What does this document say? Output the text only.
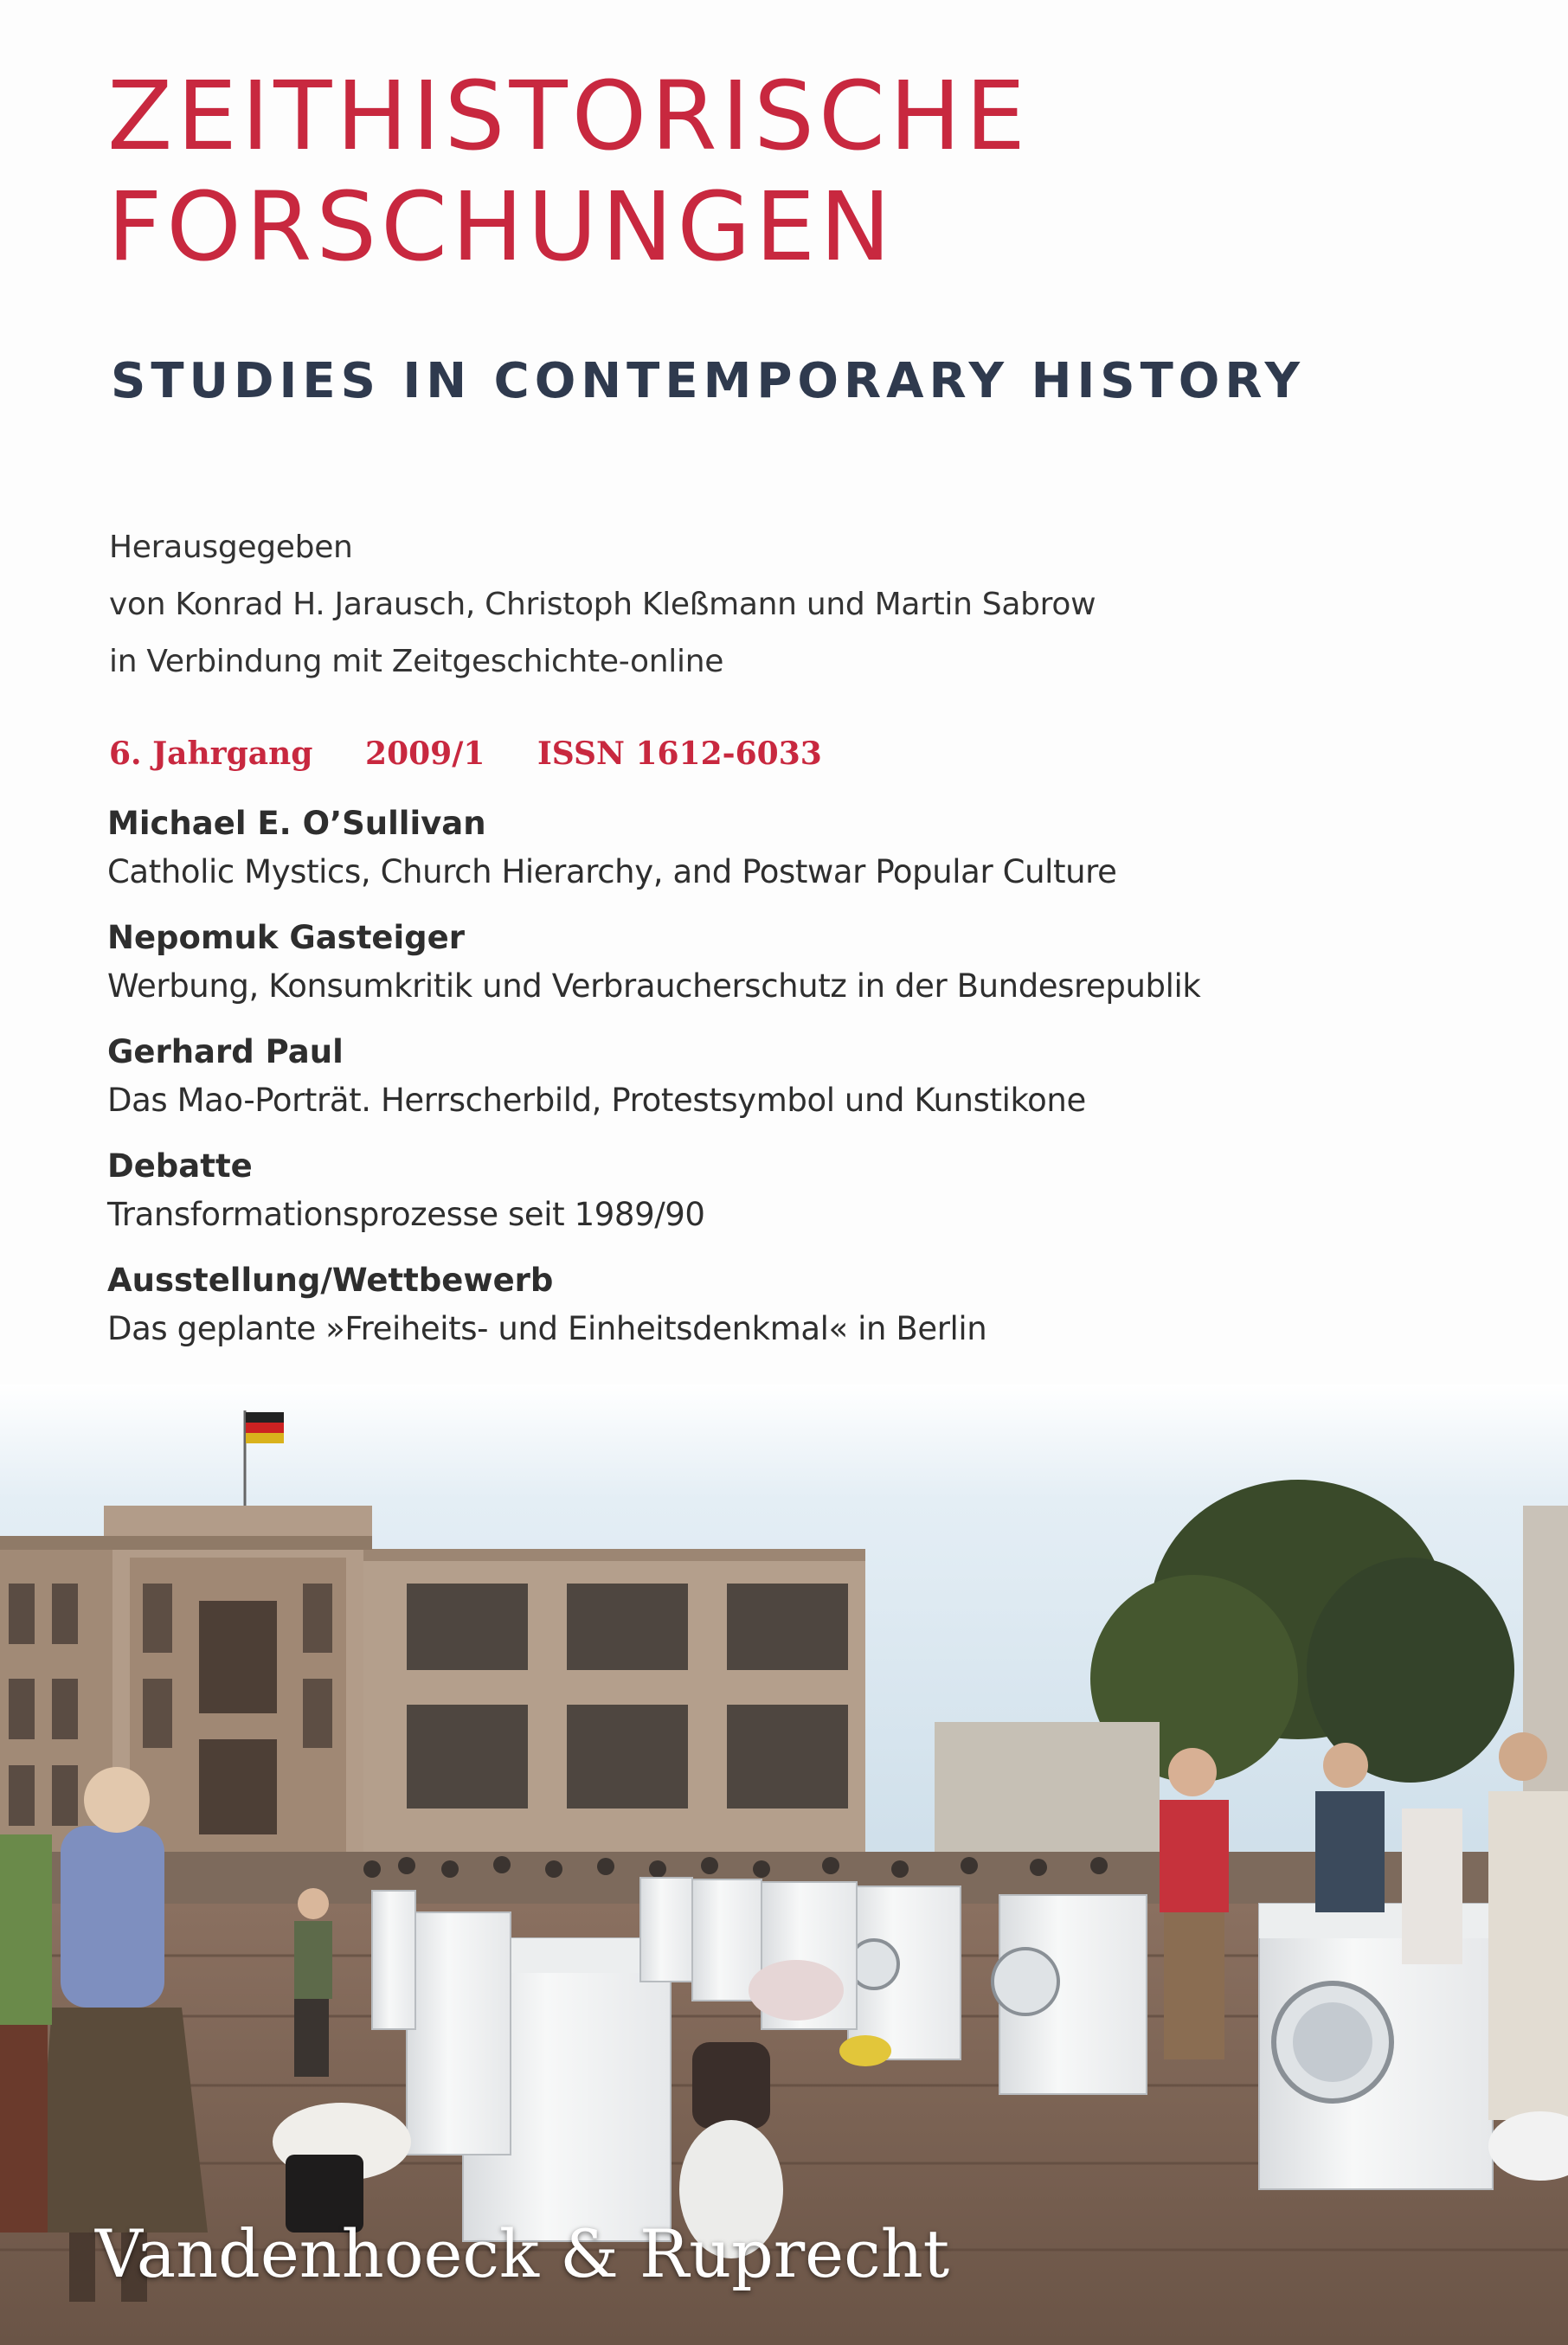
ZEITHISTORISCHE
FORSCHUNGEN
STUDIES IN CONTEMPORARY HISTORY
Herausgegeben
von Konrad H. Jarausch, Christoph Kleßmann und Martin Sabrow
in Verbindung mit Zeitgeschichte-online
6. Jahrgang 2009/1 ISSN 1612-6033
Michael E. O’Sullivan
Catholic Mystics, Church Hierarchy, and Postwar Popular Culture
Nepomuk Gasteiger
Werbung, Konsumkritik und Verbraucherschutz in der Bundesrepublik
Gerhard Paul
Das Mao-Porträt. Herrscherbild, Protestsymbol und Kunstikone
Debatte
Transformationsprozesse seit 1989/90
Ausstellung/Wettbewerb
Das geplante »Freiheits- und Einheitsdenkmal« in Berlin
Vandenhoeck & Ruprecht
